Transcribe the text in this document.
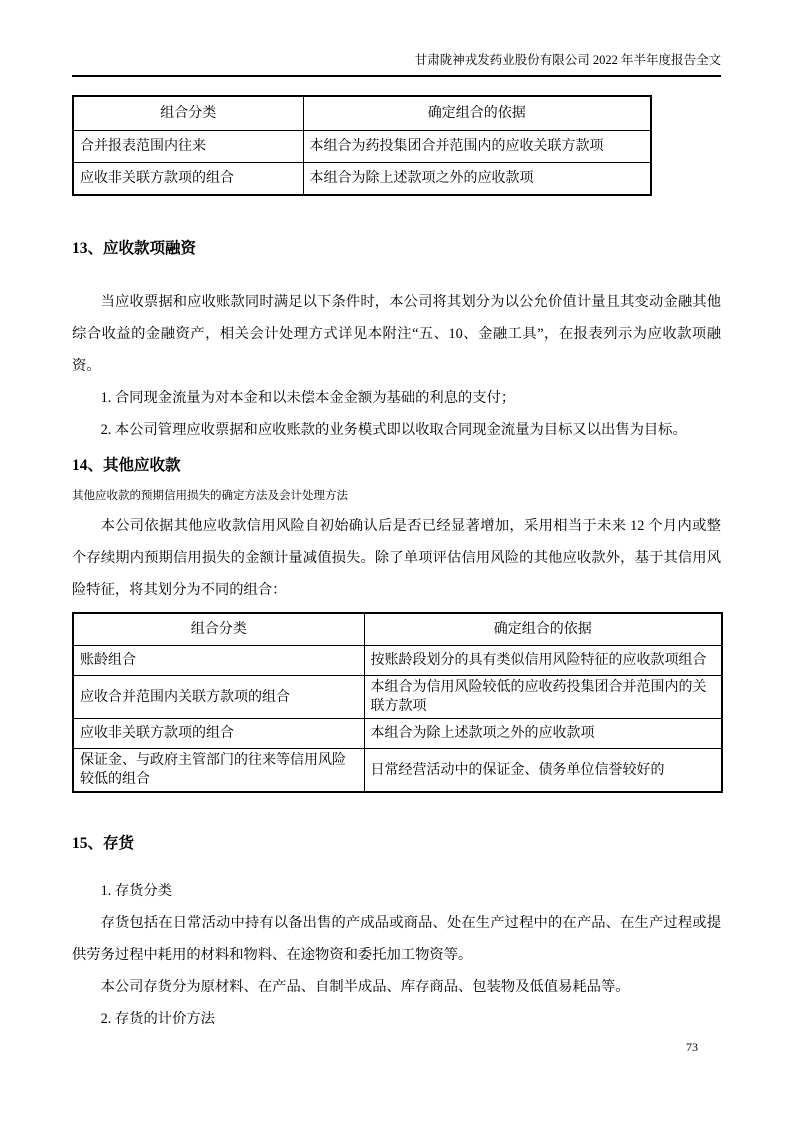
甘肃陇神戎发药业股份有限公司 2022 年半年度报告全文
组合分类	确定组合的依据
合并报表范围内往来	本组合为药投集团合并范围内的应收关联方款项
应收非关联方款项的组合	本组合为除上述款项之外的应收款项
13、应收款项融资
当应收票据和应收账款同时满足以下条件时，本公司将其划分为以公允价值计量且其变动金融其他综合收益的金融资产，相关会计处理方式详见本附注“五、10、金融工具”，在报表列示为应收款项融资。
1. 合同现金流量为对本金和以未偿本金金额为基础的利息的支付；
2. 本公司管理应收票据和应收账款的业务模式即以收取合同现金流量为目标又以出售为目标。
14、其他应收款
其他应收款的预期信用损失的确定方法及会计处理方法
本公司依据其他应收款信用风险自初始确认后是否已经显著增加，采用相当于未来 12 个月内或整个存续期内预期信用损失的金额计量减值损失。除了单项评估信用风险的其他应收款外，基于其信用风险特征，将其划分为不同的组合：
组合分类	确定组合的依据
账龄组合	按账龄段划分的具有类似信用风险特征的应收款项组合
应收合并范围内关联方款项的组合	本组合为信用风险较低的应收药投集团合并范围内的关联方款项
应收非关联方款项的组合	本组合为除上述款项之外的应收款项
保证金、与政府主管部门的往来等信用风险较低的组合	日常经营活动中的保证金、债务单位信誉较好的
15、存货
1. 存货分类
存货包括在日常活动中持有以备出售的产成品或商品、处在生产过程中的在产品、在生产过程或提供劳务过程中耗用的材料和物料、在途物资和委托加工物资等。
本公司存货分为原材料、在产品、自制半成品、库存商品、包装物及低值易耗品等。
2. 存货的计价方法
73
